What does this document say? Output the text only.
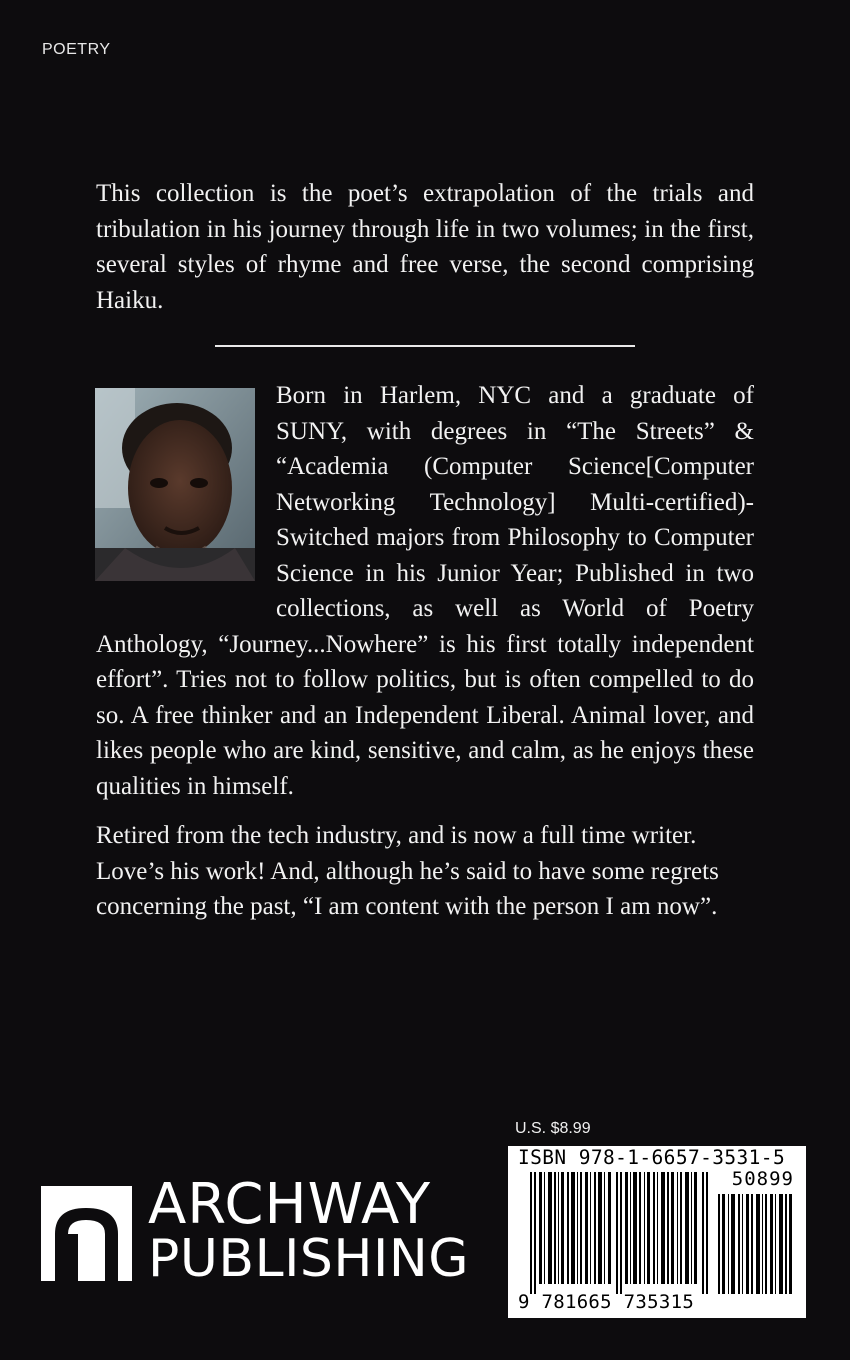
POETRY

This collection is the poet’s extrapolation of the trials and tribulation in his journey through life in two volumes; in the first, several styles of rhyme and free verse, the second comprising Haiku.

Born in Harlem, NYC and a graduate of SUNY, with degrees in “The Streets” & “Academia (Computer Science[Computer Networking Technology] Multi-certified)-Switched majors from Philosophy to Computer Science in his Junior Year; Published in two collections, as well as World of Poetry Anthology, “Journey...Nowhere” is his first totally independent effort”. Tries not to follow politics, but is often compelled to do so. A free thinker and an Independent Liberal. Animal lover, and likes people who are kind, sensitive, and calm, as he enjoys these qualities in himself.

Retired from the tech industry, and is now a full time writer. Love’s his work! And, although he’s said to have some regrets concerning the past, “I am content with the person I am now”.

ARCHWAY
PUBLISHING
U.S. $8.99
ISBN 978-1-6657-3531-5
50899
9 781665 735315
